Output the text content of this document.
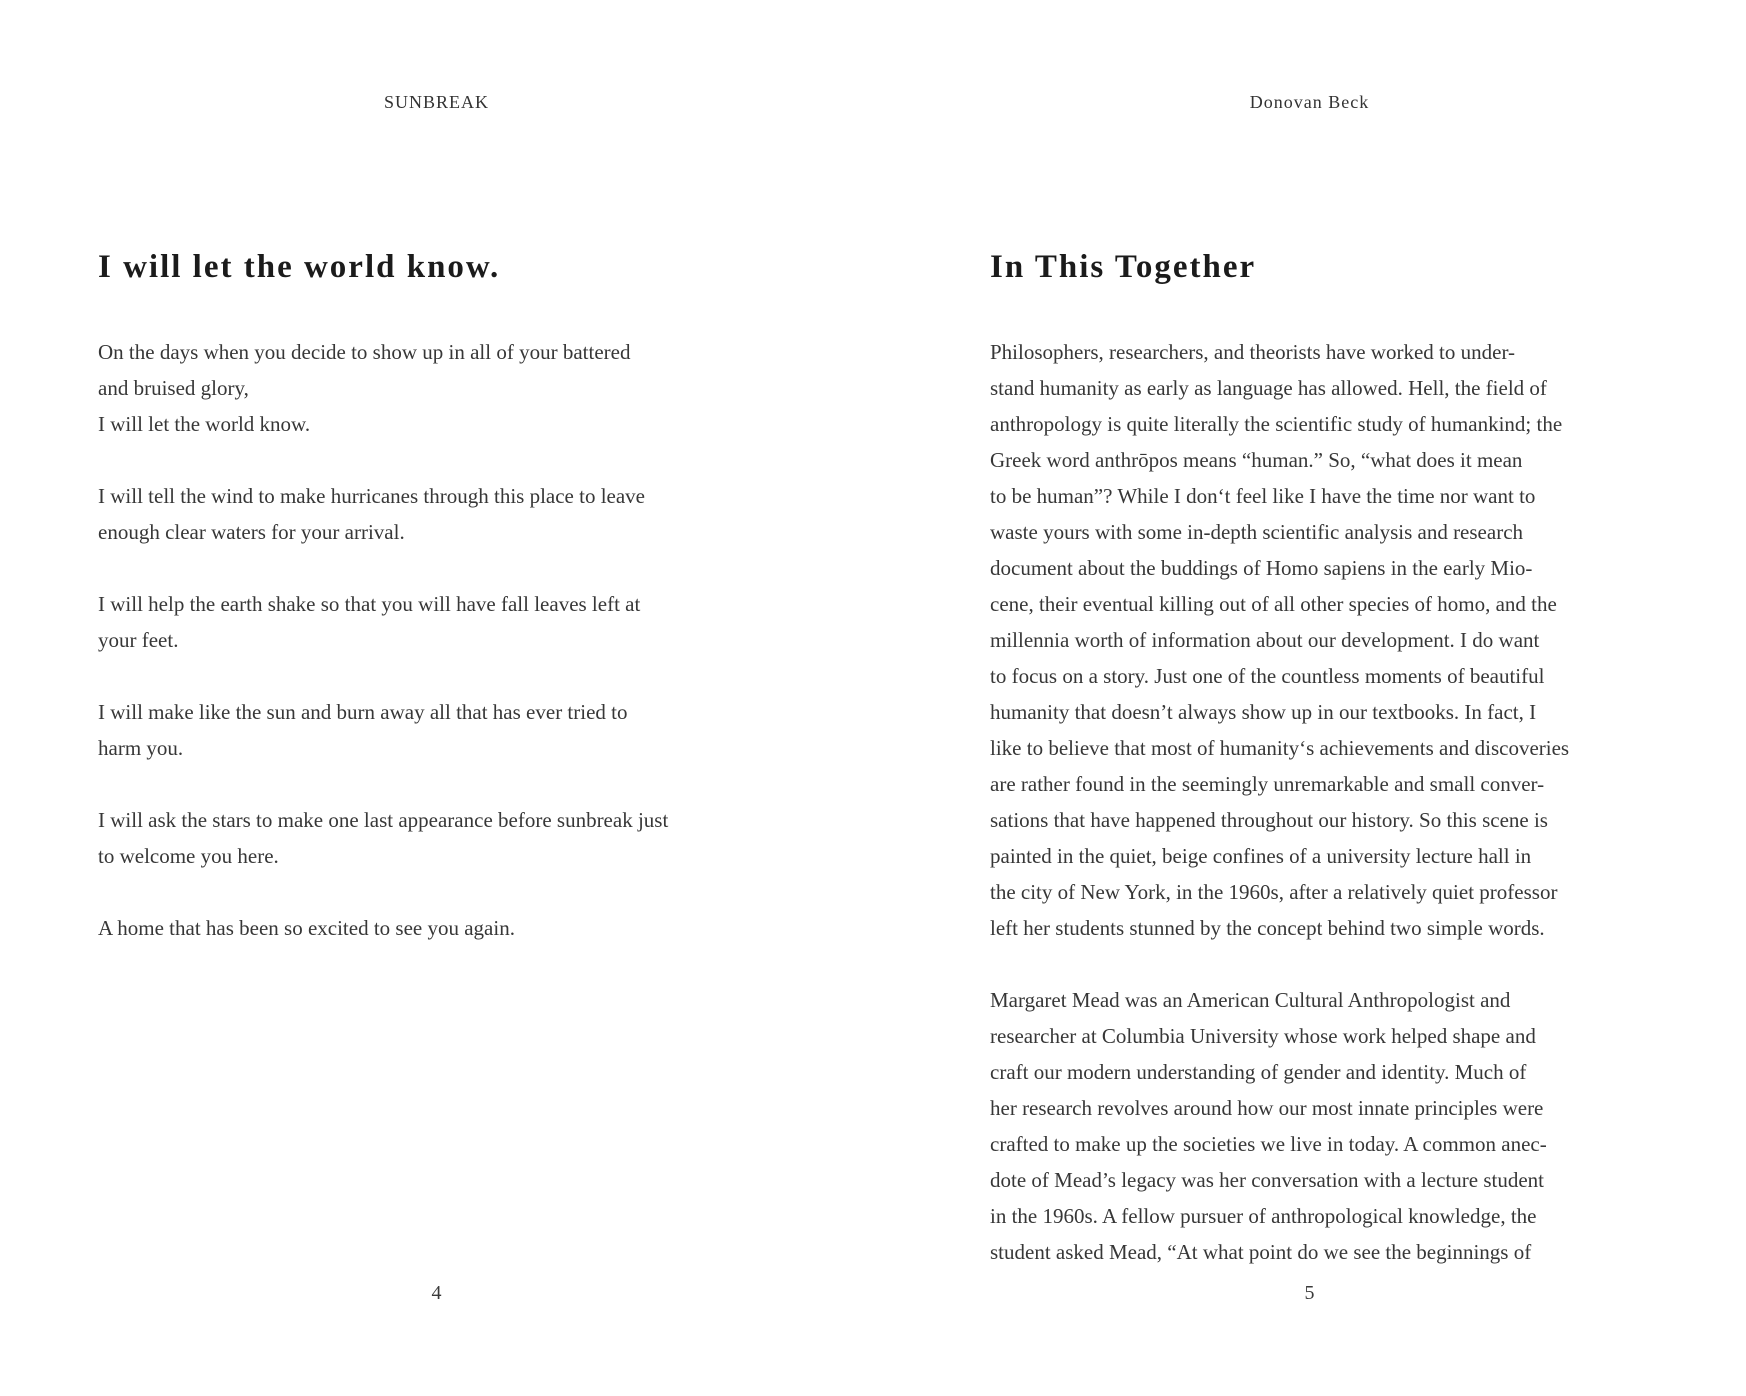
SUNBREAK
I will let the world know.
On the days when you decide to show up in all of your battered
and bruised glory,
I will let the world know.
I will tell the wind to make hurricanes through this place to leave
enough clear waters for your arrival.
I will help the earth shake so that you will have fall leaves left at
your feet.
I will make like the sun and burn away all that has ever tried to
harm you.
I will ask the stars to make one last appearance before sunbreak just
to welcome you here.
A home that has been so excited to see you again.
4
Donovan Beck
In This Together
Philosophers, researchers, and theorists have worked to under-
stand humanity as early as language has allowed. Hell, the field of
anthropology is quite literally the scientific study of humankind; the
Greek word anthrōpos means “human.” So, “what does it mean
to be human”? While I don‘t feel like I have the time nor want to
waste yours with some in-depth scientific analysis and research
document about the buddings of Homo sapiens in the early Mio-
cene, their eventual killing out of all other species of homo, and the
millennia worth of information about our development. I do want
to focus on a story. Just one of the countless moments of beautiful
humanity that doesn’t always show up in our textbooks. In fact, I
like to believe that most of humanity‘s achievements and discoveries
are rather found in the seemingly unremarkable and small conver-
sations that have happened throughout our history. So this scene is
painted in the quiet, beige confines of a university lecture hall in
the city of New York, in the 1960s, after a relatively quiet professor
left her students stunned by the concept behind two simple words.
Margaret Mead was an American Cultural Anthropologist and
researcher at Columbia University whose work helped shape and
craft our modern understanding of gender and identity. Much of
her research revolves around how our most innate principles were
crafted to make up the societies we live in today. A common anec-
dote of Mead’s legacy was her conversation with a lecture student
in the 1960s. A fellow pursuer of anthropological knowledge, the
student asked Mead, “At what point do we see the beginnings of
5
